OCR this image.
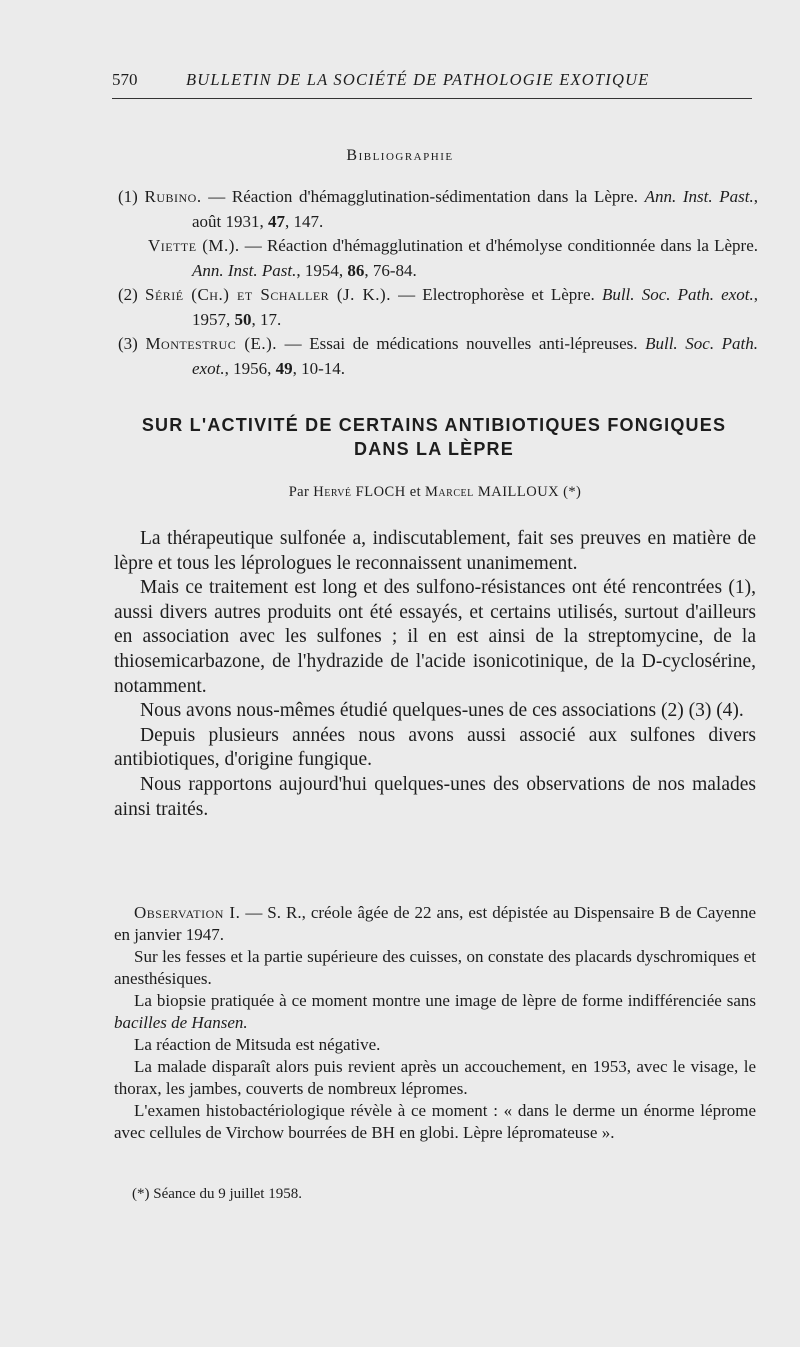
570	BULLETIN DE LA SOCIÉTÉ DE PATHOLOGIE EXOTIQUE
Bibliographie
(1) Rubino. — Réaction d'hémagglutination-sédimentation dans la Lèpre. Ann. Inst. Past., août 1931, 47, 147.
Viette (M.). — Réaction d'hémagglutination et d'hémolyse conditionnée dans la Lèpre. Ann. Inst. Past., 1954, 86, 76-84.
(2) Sérié (Ch.) et Schaller (J. K.). — Electrophorèse et Lèpre. Bull. Soc. Path. exot., 1957, 50, 17.
(3) Montestruc (E.). — Essai de médications nouvelles anti-lépreuses. Bull. Soc. Path. exot., 1956, 49, 10-14.
SUR L'ACTIVITÉ DE CERTAINS ANTIBIOTIQUES FONGIQUES
DANS LA LÈPRE
Par Hervé FLOCH et Marcel MAILLOUX (*)

La thérapeutique sulfonée a, indiscutablement, fait ses preuves en matière de lèpre et tous les léprologues le reconnaissent unanimement.

Mais ce traitement est long et des sulfono-résistances ont été rencontrées (1), aussi divers autres produits ont été essayés, et certains utilisés, surtout d'ailleurs en association avec les sulfones ; il en est ainsi de la streptomycine, de la thiosemicarbazone, de l'hydrazide de l'acide isonicotinique, de la D-cyclosérine, notamment.

Nous avons nous-mêmes étudié quelques-unes de ces associations (2) (3) (4).

Depuis plusieurs années nous avons aussi associé aux sulfones divers antibiotiques, d'origine fungique.

Nous rapportons aujourd'hui quelques-unes des observations de nos malades ainsi traités.

Observation I. — S. R., créole âgée de 22 ans, est dépistée au Dispensaire B de Cayenne en janvier 1947.

Sur les fesses et la partie supérieure des cuisses, on constate des placards dyschromiques et anesthésiques.

La biopsie pratiquée à ce moment montre une image de lèpre de forme indifférenciée sans bacilles de Hansen.

La réaction de Mitsuda est négative.

La malade disparaît alors puis revient après un accouchement, en 1953, avec le visage, le thorax, les jambes, couverts de nombreux lépromes.

L'examen histobactériologique révèle à ce moment : « dans le derme un énorme léprome avec cellules de Virchow bourrées de BH en globi. Lèpre lépromateuse ».

(*) Séance du 9 juillet 1958.
